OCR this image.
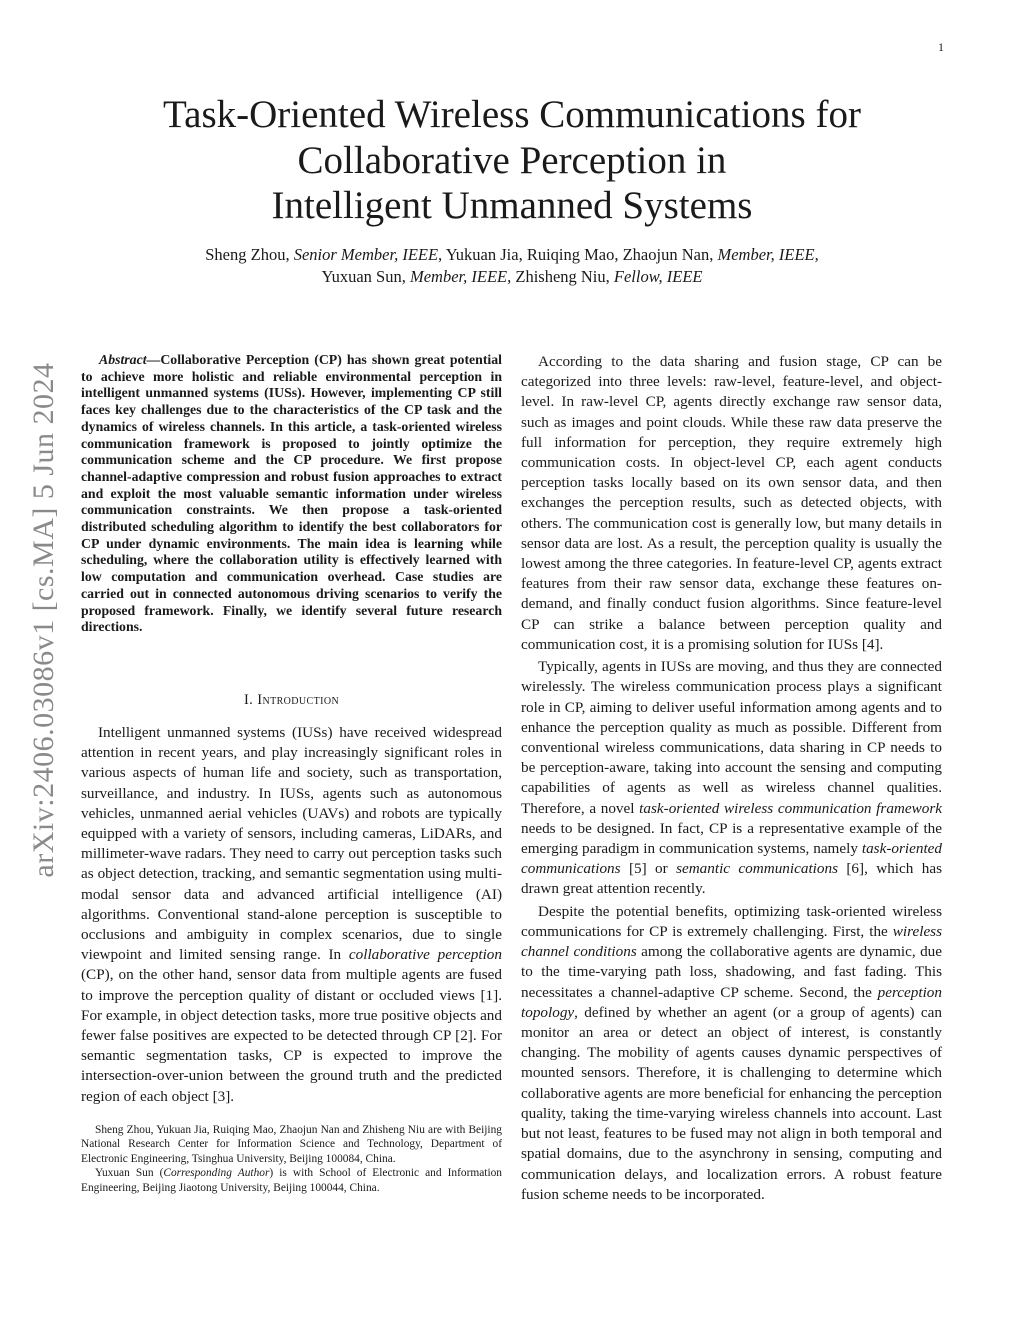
1
arXiv:2406.03086v1 [cs.MA] 5 Jun 2024
Task-Oriented Wireless Communications for
Collaborative Perception in
Intelligent Unmanned Systems
Sheng Zhou, Senior Member, IEEE, Yukuan Jia, Ruiqing Mao, Zhaojun Nan, Member, IEEE,
Yuxuan Sun, Member, IEEE, Zhisheng Niu, Fellow, IEEE

Abstract—Collaborative Perception (CP) has shown great potential to achieve more holistic and reliable environmental perception in intelligent unmanned systems (IUSs). However, implementing CP still faces key challenges due to the characteristics of the CP task and the dynamics of wireless channels. In this article, a task-oriented wireless communication framework is proposed to jointly optimize the communication scheme and the CP procedure. We first propose channel-adaptive compression and robust fusion approaches to extract and exploit the most valuable semantic information under wireless communication constraints. We then propose a task-oriented distributed scheduling algorithm to identify the best collaborators for CP under dynamic environments. The main idea is learning while scheduling, where the collaboration utility is effectively learned with low computation and communication overhead. Case studies are carried out in connected autonomous driving scenarios to verify the proposed framework. Finally, we identify several future research directions.

I. Introduction

Intelligent unmanned systems (IUSs) have received widespread attention in recent years, and play increasingly significant roles in various aspects of human life and society, such as transportation, surveillance, and industry. In IUSs, agents such as autonomous vehicles, unmanned aerial vehicles (UAVs) and robots are typically equipped with a variety of sensors, including cameras, LiDARs, and millimeter-wave radars. They need to carry out perception tasks such as object detection, tracking, and semantic segmentation using multi-modal sensor data and advanced artificial intelligence (AI) algorithms. Conventional stand-alone perception is susceptible to occlusions and ambiguity in complex scenarios, due to single viewpoint and limited sensing range. In collaborative perception (CP), on the other hand, sensor data from multiple agents are fused to improve the perception quality of distant or occluded views [1]. For example, in object detection tasks, more true positive objects and fewer false positives are expected to be detected through CP [2]. For semantic segmentation tasks, CP is expected to improve the intersection-over-union between the ground truth and the predicted region of each object [3].

Sheng Zhou, Yukuan Jia, Ruiqing Mao, Zhaojun Nan and Zhisheng Niu are with Beijing National Research Center for Information Science and Technology, Department of Electronic Engineering, Tsinghua University, Beijing 100084, China.

Yuxuan Sun (Corresponding Author) is with School of Electronic and Information Engineering, Beijing Jiaotong University, Beijing 100044, China.

According to the data sharing and fusion stage, CP can be categorized into three levels: raw-level, feature-level, and object-level. In raw-level CP, agents directly exchange raw sensor data, such as images and point clouds. While these raw data preserve the full information for perception, they require extremely high communication costs. In object-level CP, each agent conducts perception tasks locally based on its own sensor data, and then exchanges the perception results, such as detected objects, with others. The communication cost is generally low, but many details in sensor data are lost. As a result, the perception quality is usually the lowest among the three categories. In feature-level CP, agents extract features from their raw sensor data, exchange these features on-demand, and finally conduct fusion algorithms. Since feature-level CP can strike a balance between perception quality and communication cost, it is a promising solution for IUSs [4].

Typically, agents in IUSs are moving, and thus they are connected wirelessly. The wireless communication process plays a significant role in CP, aiming to deliver useful information among agents and to enhance the perception quality as much as possible. Different from conventional wireless communications, data sharing in CP needs to be perception-aware, taking into account the sensing and computing capabilities of agents as well as wireless channel qualities. Therefore, a novel task-oriented wireless communication framework needs to be designed. In fact, CP is a representative example of the emerging paradigm in communication systems, namely task-oriented communications [5] or semantic communications [6], which has drawn great attention recently.

Despite the potential benefits, optimizing task-oriented wireless communications for CP is extremely challenging. First, the wireless channel conditions among the collaborative agents are dynamic, due to the time-varying path loss, shadowing, and fast fading. This necessitates a channel-adaptive CP scheme. Second, the perception topology, defined by whether an agent (or a group of agents) can monitor an area or detect an object of interest, is constantly changing. The mobility of agents causes dynamic perspectives of mounted sensors. Therefore, it is challenging to determine which collaborative agents are more beneficial for enhancing the perception quality, taking the time-varying wireless channels into account. Last but not least, features to be fused may not align in both temporal and spatial domains, due to the asynchrony in sensing, computing and communication delays, and localization errors. A robust feature fusion scheme needs to be incorporated.
